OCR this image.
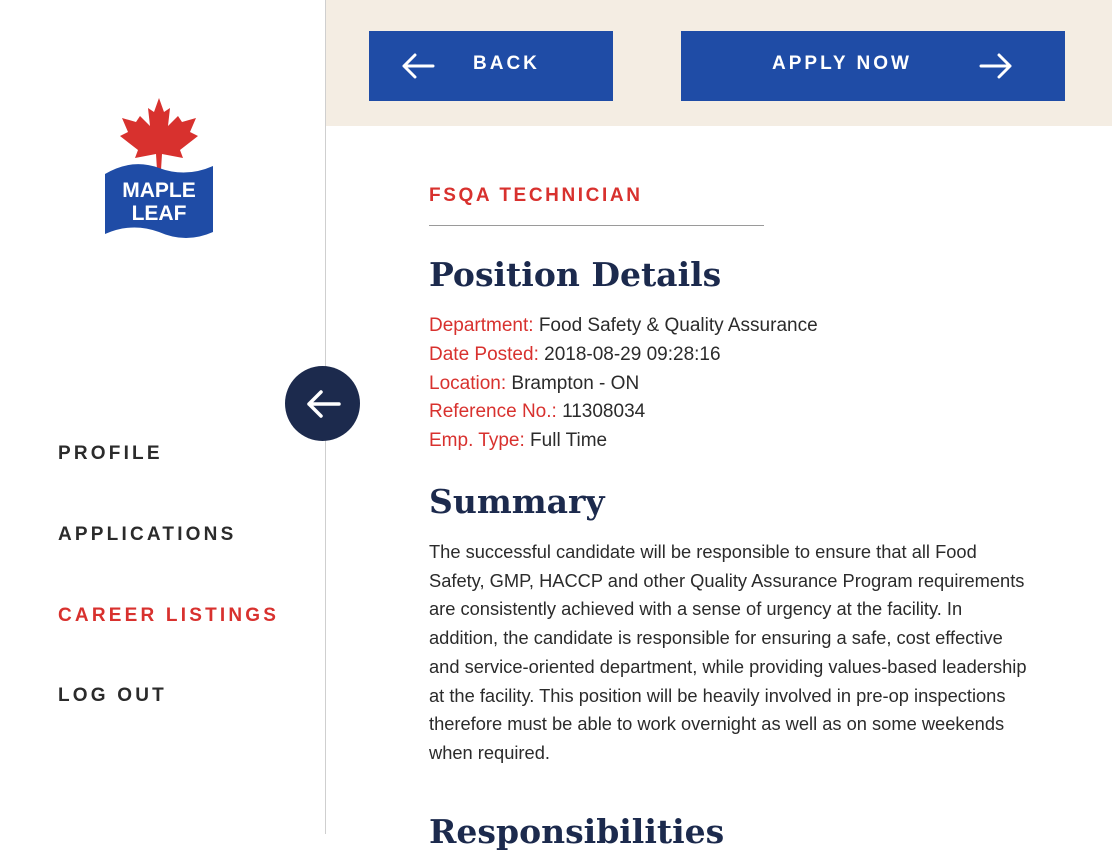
MAPLE
LEAF
PROFILE
APPLICATIONS
CAREER LISTINGS
LOG OUT
BACK	APPLY NOW
FSQA TECHNICIAN
Position Details
Department: Food Safety & Quality Assurance
Date Posted: 2018-08-29 09:28:16
Location: Brampton - ON
Reference No.: 11308034
Emp. Type: Full Time
Summary

The successful candidate will be responsible to ensure that all Food Safety, GMP, HACCP and other Quality Assurance Program requirements are consistently achieved with a sense of urgency at the facility. In addition, the candidate is responsible for ensuring a safe, cost effective and service-oriented department, while providing values-based leadership at the facility. This position will be heavily involved in pre-op inspections therefore must be able to work overnight as well as on some weekends when required.

Responsibilities
